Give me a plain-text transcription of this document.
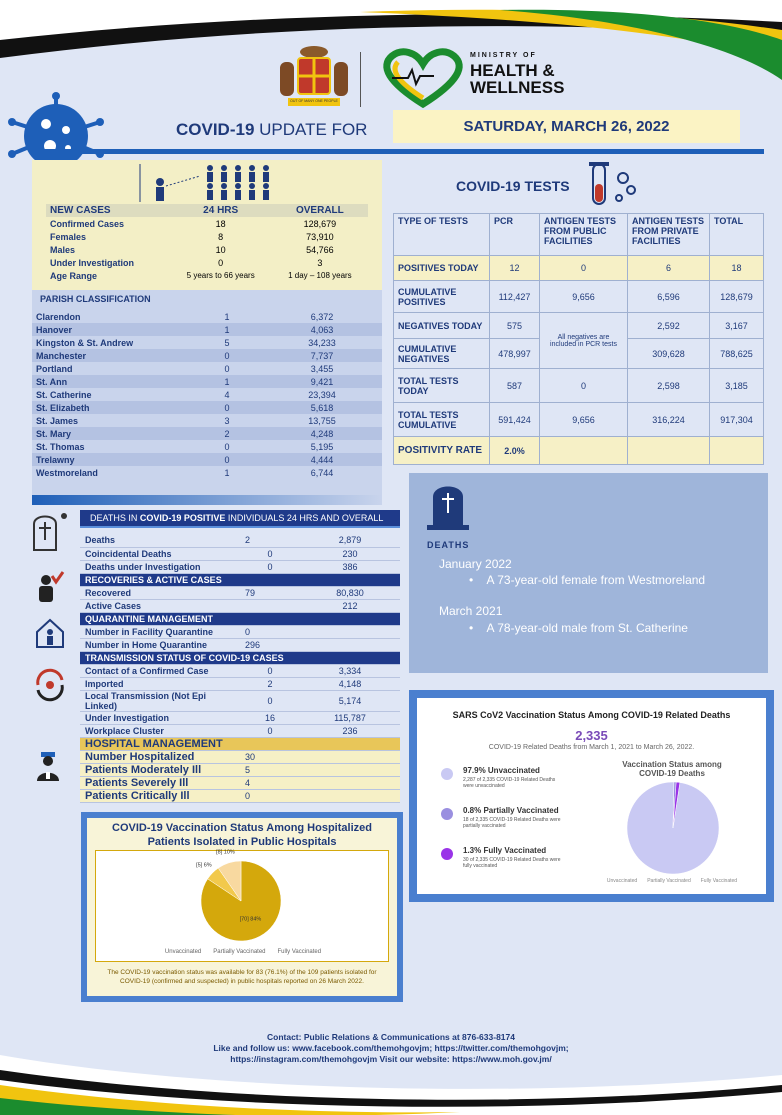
OUT OF MANY ONE PEOPLE
MINISTRY OF
HEALTH &
WELLNESS
COVID-19 UPDATE FOR	SATURDAY, MARCH 26, 2022
NEW CASES	24 HRS	OVERALL
Confirmed Cases	18	128,679
Females	8	73,910
Males	10	54,766
Under Investigation	0	3
Age Range	5 years to 66 years	1 day – 108 years
PARISH CLASSIFICATION
Clarendon	1	6,372
Hanover	1	4,063
Kingston & St. Andrew	5	34,233
Manchester	0	7,737
Portland	0	3,455
St. Ann	1	9,421
St. Catherine	4	23,394
St. Elizabeth	0	5,618
St. James	3	13,755
St. Mary	2	4,248
St. Thomas	0	5,195
Trelawny	0	4,444
Westmoreland	1	6,744
COVID-19 TESTS
TYPE OF TESTS	PCR	ANTIGEN TESTS FROM PUBLIC FACILITIES	ANTIGEN TESTS FROM PRIVATE FACILITIES	TOTAL
POSITIVES TODAY	12	0	6	18
CUMULATIVE POSITIVES	112,427	9,656	6,596	128,679
NEGATIVES TODAY	575	All negatives are included in PCR tests	2,592	3,167
CUMULATIVE NEGATIVES	478,997		309,628	788,625
TOTAL TESTS TODAY	587	0	2,598	3,185
TOTAL TESTS CUMULATIVE	591,424	9,656	316,224	917,304
POSITIVITY RATE	2.0%			
DEATHS IN COVID-19 POSITIVE INDIVIDUALS 24 HRS AND OVERALL

Deaths	2	2,879
Coincidental Deaths	0	230
Deaths under Investigation	0	386
RECOVERIES & ACTIVE CASES		
Recovered	79	80,830
Active Cases		212
QUARANTINE MANAGEMENT		
Number in Facility Quarantine	0	
Number in Home Quarantine	296	
TRANSMISSION STATUS OF COVID-19 CASES		
Contact of a Confirmed Case	0	3,334
Imported	2	4,148
Local Transmission (Not Epi Linked)	0	5,174
Under Investigation	16	115,787
Workplace Cluster	0	236
HOSPITAL MANAGEMENT		
Number Hospitalized	30	
Patients Moderately Ill	5	
Patients Severely Ill	4	
Patients Critically Ill	0	
DEATHS
January 2022
•    A 73-year-old female from Westmoreland
March 2021
•    A 78-year-old male from St. Catherine
SARS CoV2 Vaccination Status Among COVID-19 Related Deaths
2,335
COVID-19 Related Deaths from March 1, 2021 to March 26, 2022.
97.9% Unvaccinated
2,287 of 2,335 COVID-19 Related Deaths were unvaccinated
0.8% Partially Vaccinated
18 of 2,335 COVID-19 Related Deaths were partially vaccinated
1.3% Fully Vaccinated
30 of 2,335 COVID-19 Related Deaths were fully vaccinated
Vaccination Status among COVID-19 Deaths
Unvaccinated Partially Vaccinated Fully Vaccinated
COVID-19 Vaccination Status Among Hospitalized
Patients Isolated in Public Hospitals
[70] 84%
[5] 6%
[8] 10%
Unvaccinated Partially Vaccinated Fully Vaccinated
The COVID-19 vaccination status was available for 83 (76.1%) of the 109 patients isolated for COVID-19 (confirmed and suspected) in public hospitals reported on 26 March 2022.
Contact: Public Relations & Communications at 876-633-8174
Like and follow us: www.facebook.com/themohgovjm; https://twitter.com/themohgovjm;
https://instagram.com/themohgovjm Visit our website: https://www.moh.gov.jm/
